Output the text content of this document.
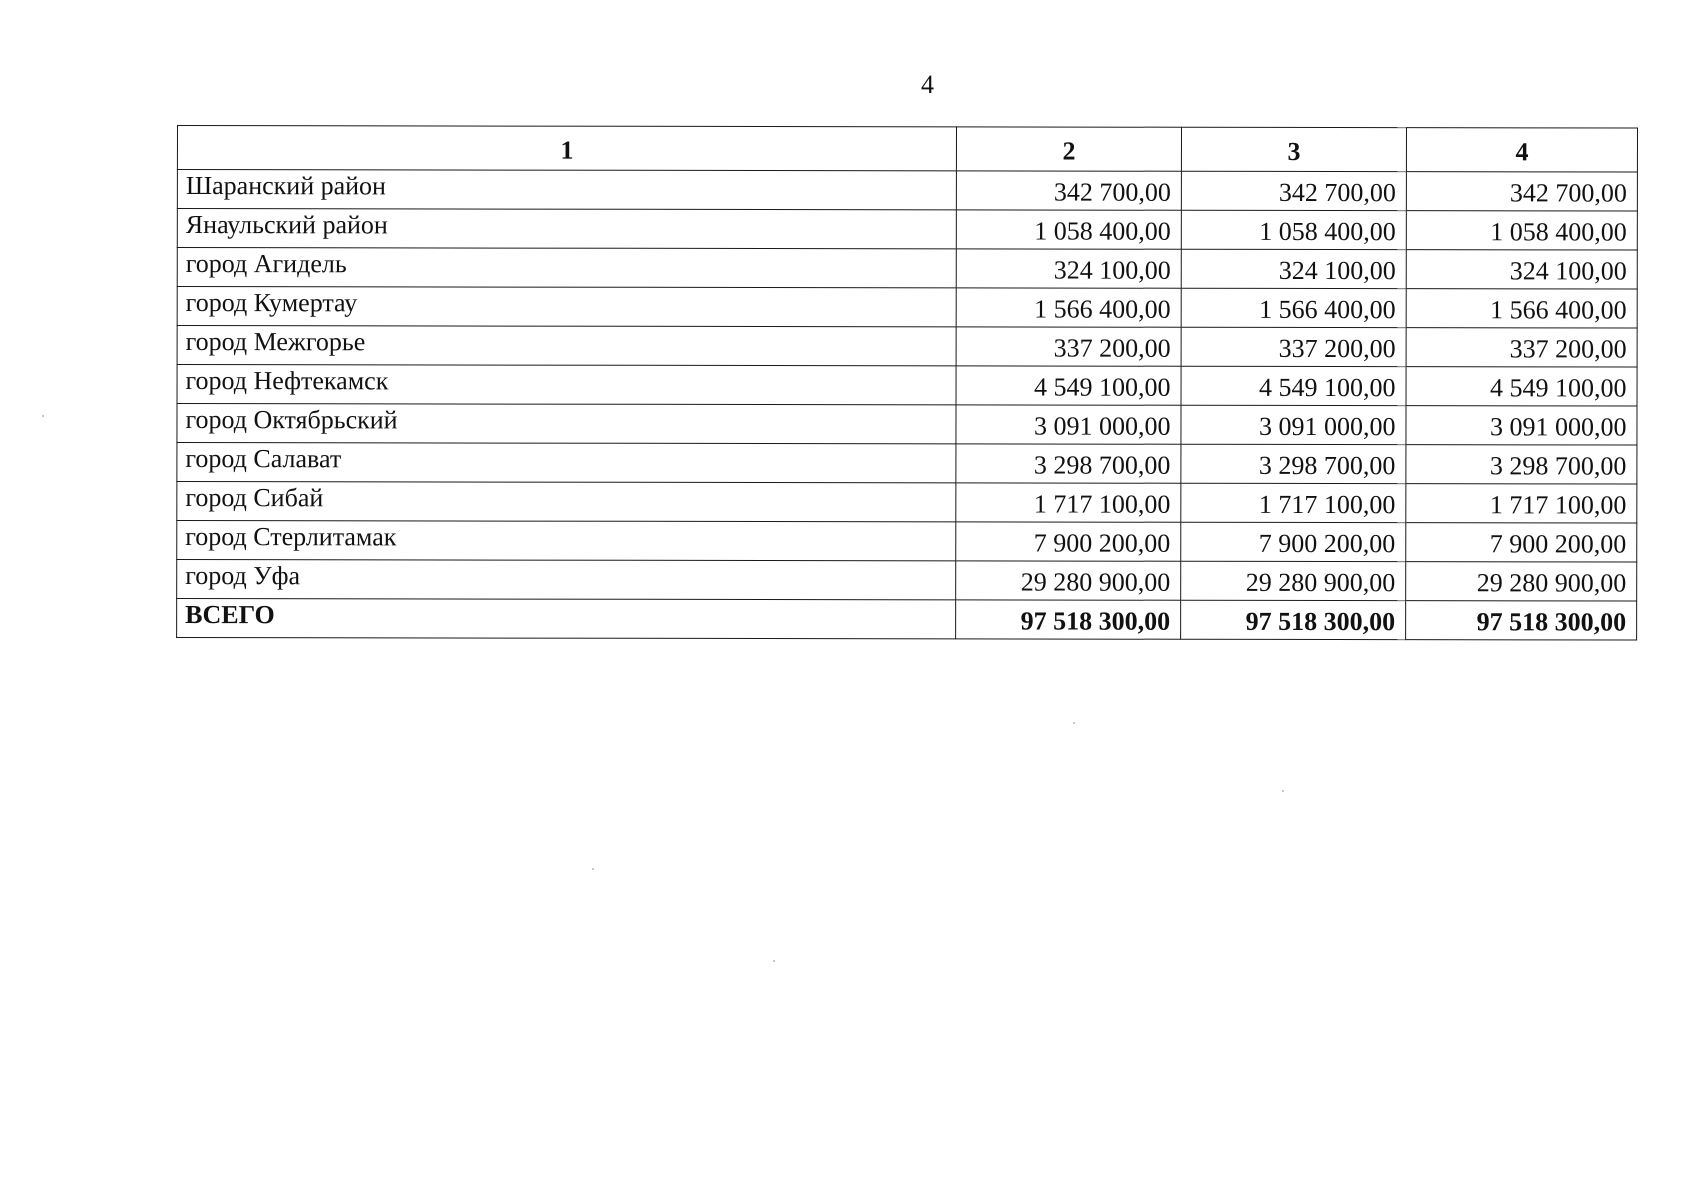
4
1	2	3	4
Шаранский район	342 700,00	342 700,00	342 700,00
Янаульский район	1 058 400,00	1 058 400,00	1 058 400,00
город Агидель	324 100,00	324 100,00	324 100,00
город Кумертау	1 566 400,00	1 566 400,00	1 566 400,00
город Межгорье	337 200,00	337 200,00	337 200,00
город Нефтекамск	4 549 100,00	4 549 100,00	4 549 100,00
город Октябрьский	3 091 000,00	3 091 000,00	3 091 000,00
город Салават	3 298 700,00	3 298 700,00	3 298 700,00
город Сибай	1 717 100,00	1 717 100,00	1 717 100,00
город Стерлитамак	7 900 200,00	7 900 200,00	7 900 200,00
город Уфа	29 280 900,00	29 280 900,00	29 280 900,00
ВСЕГО	97 518 300,00	97 518 300,00	97 518 300,00
